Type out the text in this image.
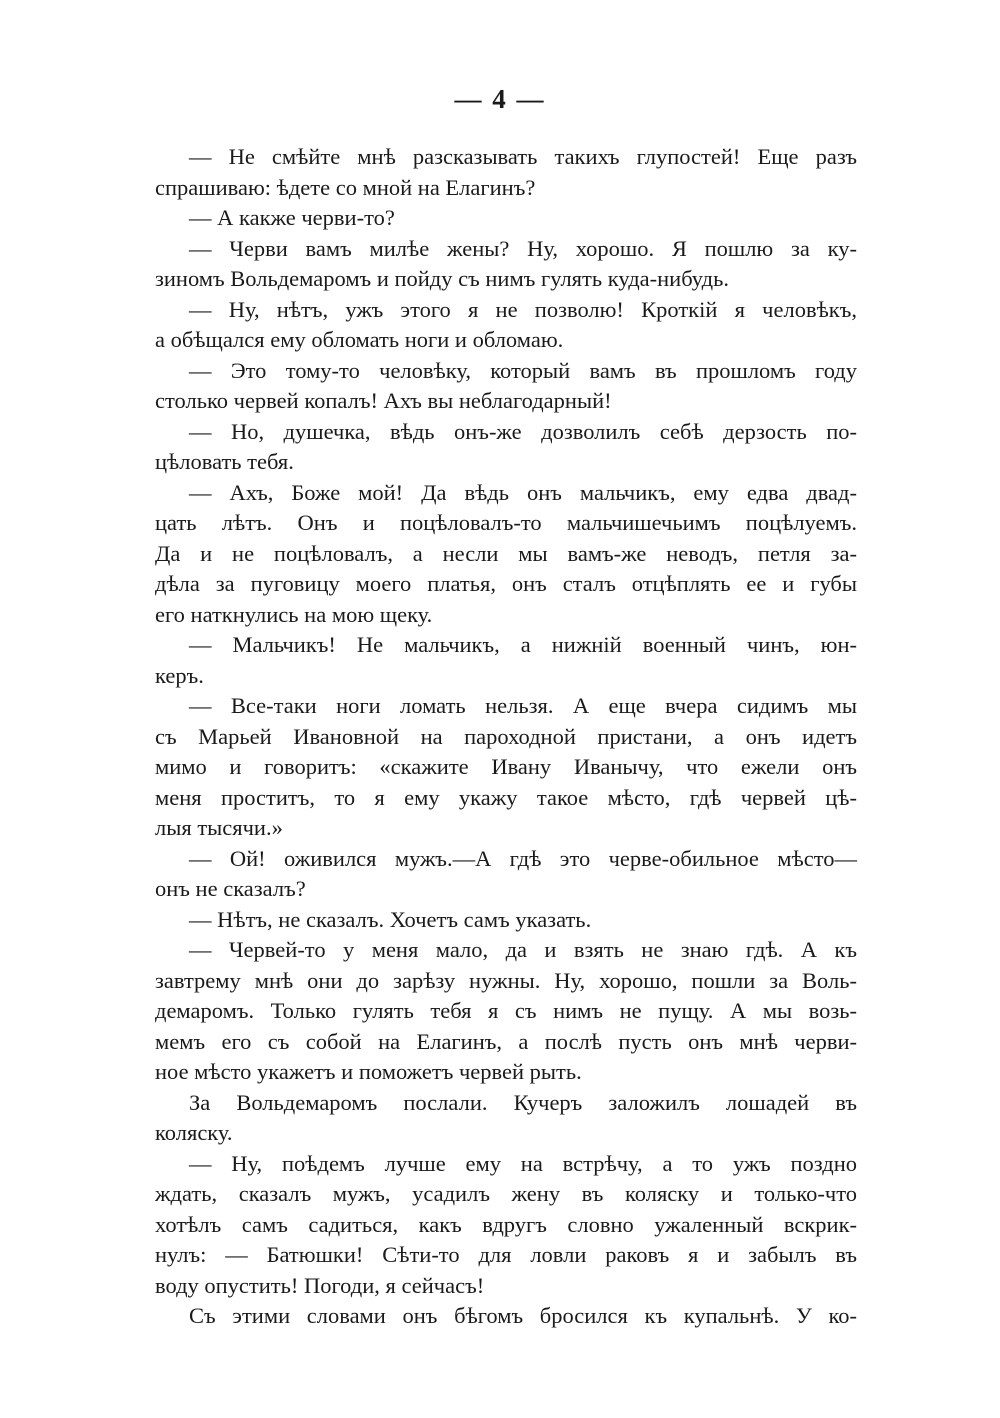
— 4 —
— Не смѣйте мнѣ разсказывать такихъ глупостей! Еще разъ
спрашиваю: ѣдете со мной на Елагинъ?
— А какже черви-то?
— Черви вамъ милѣе жены? Ну, хорошо. Я пошлю за ку-
зиномъ Вольдемаромъ и пойду съ нимъ гулять куда-нибудь.
— Ну, нѣтъ, ужъ этого я не позволю! Кроткій я человѣкъ,
а обѣщался ему обломать ноги и обломаю.
— Это тому-то человѣку, который вамъ въ прошломъ году
столько червей копалъ! Ахъ вы неблагодарный!
— Но, душечка, вѣдь онъ-же дозволилъ себѣ дерзость по-
цѣловать тебя.
— Ахъ, Боже мой! Да вѣдь онъ мальчикъ, ему едва двад-
цать лѣтъ. Онъ и поцѣловалъ-то мальчишечьимъ поцѣлуемъ.
Да и не поцѣловалъ, а несли мы вамъ-же неводъ, петля за-
дѣла за пуговицу моего платья, онъ сталъ отцѣплять ее и губы
его наткнулись на мою щеку.
— Мальчикъ! Не мальчикъ, а нижній военный чинъ, юн-
керъ.
— Все-таки ноги ломать нельзя. А еще вчера сидимъ мы
съ Марьей Ивановной на пароходной пристани, а онъ идетъ
мимо и говоритъ: «скажите Ивану Иванычу, что ежели онъ
меня проститъ, то я ему укажу такое мѣсто, гдѣ червей цѣ-
лыя тысячи.»
— Ой! оживился мужъ.—А гдѣ это черве-обильное мѣсто—
онъ не сказалъ?
— Нѣтъ, не сказалъ. Хочетъ самъ указать.
— Червей-то у меня мало, да и взять не знаю гдѣ. А къ
завтрему мнѣ они до зарѣзу нужны. Ну, хорошо, пошли за Воль-
демаромъ. Только гулять тебя я съ нимъ не пущу. А мы возь-
мемъ его съ собой на Елагинъ, а послѣ пусть онъ мнѣ черви-
ное мѣсто укажетъ и поможетъ червей рыть.
За Вольдемаромъ послали. Кучеръ заложилъ лошадей въ
коляску.
— Ну, поѣдемъ лучше ему на встрѣчу, а то ужъ поздно
ждать, сказалъ мужъ, усадилъ жену въ коляску и только-что
хотѣлъ самъ садиться, какъ вдругъ словно ужаленный вскрик-
нулъ: — Батюшки! Сѣти-то для ловли раковъ я и забылъ въ
воду опустить! Погоди, я сейчасъ!
Съ этими словами онъ бѣгомъ бросился къ купальнѣ. У ко-
